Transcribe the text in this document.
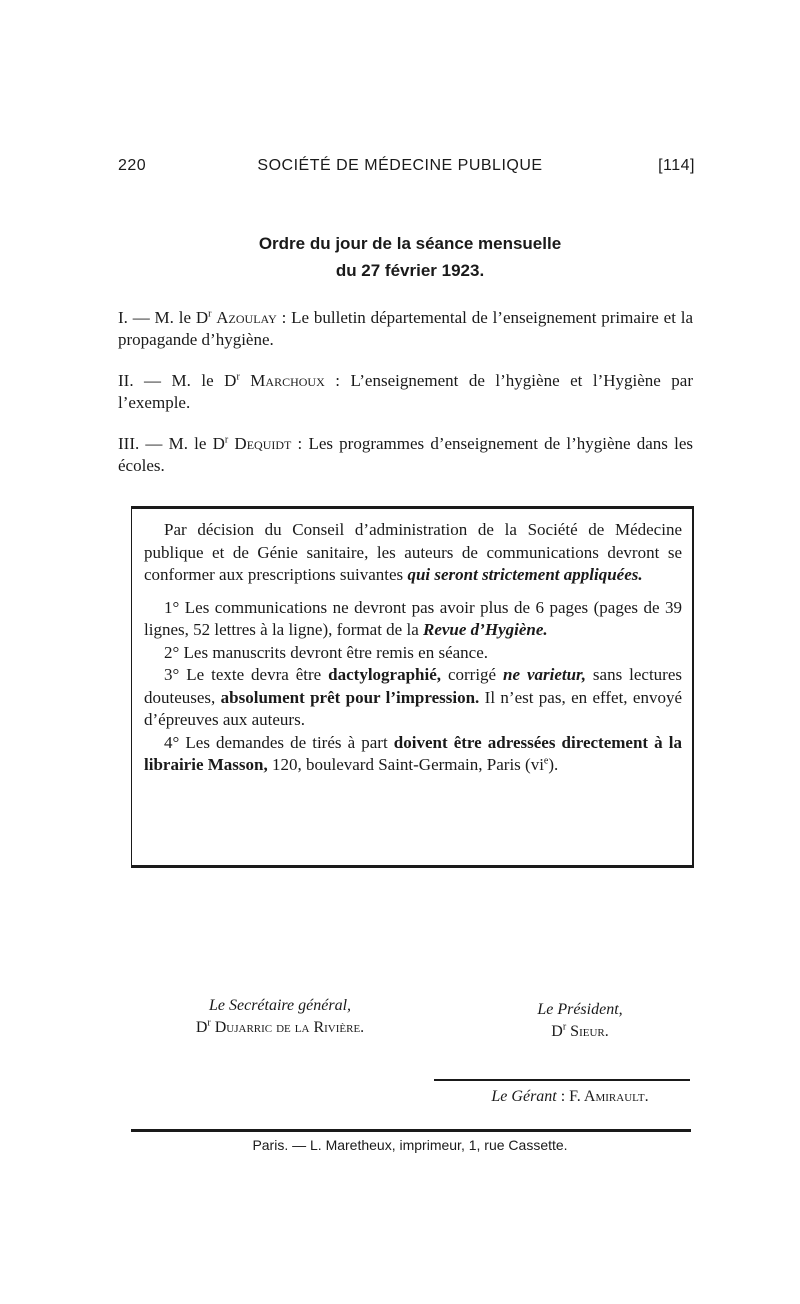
220	SOCIÉTÉ DE MÉDECINE PUBLIQUE	[114]
Ordre du jour de la séance mensuelle
du 27 février 1923.
I. — M. le $D^r$ Azoulay : Le bulletin départemental de l’enseignement primaire et la propagande d’hygiène.
II. — M. le $D^r$ Marchoux : L’enseignement de l’hygiène et l’Hygiène par l’exemple.
III. — M. le $D^r$ Dequidt : Les programmes d’enseignement de l’hygiène dans les écoles.

Par décision du Conseil d’administration de la Société de Médecine publique et de Génie sanitaire, les auteurs de communications devront se conformer aux prescriptions suivantes qui seront strictement appliquées.

1° Les communications ne devront pas avoir plus de 6 pages (pages de 39 lignes, 52 lettres à la ligne), format de la Revue d’Hygiène.

2° Les manuscrits devront être remis en séance.

3° Le texte devra être dactylographié, corrigé ne varietur, sans lectures douteuses, absolument prêt pour l’impression. Il n’est pas, en effet, envoyé d’épreuves aux auteurs.

4° Les demandes de tirés à part doivent être adressées directement à la librairie Masson, 120, boulevard Saint-Germain, Paris $(vi^e)$.

Le Secrétaire général,
$D^r$ Dujarric de la Rivière.
Le Président,
$D^r$ Sieur.
Le Gérant : F. Amirault.
Paris. — L. Maretheux, imprimeur, 1, rue Cassette.
